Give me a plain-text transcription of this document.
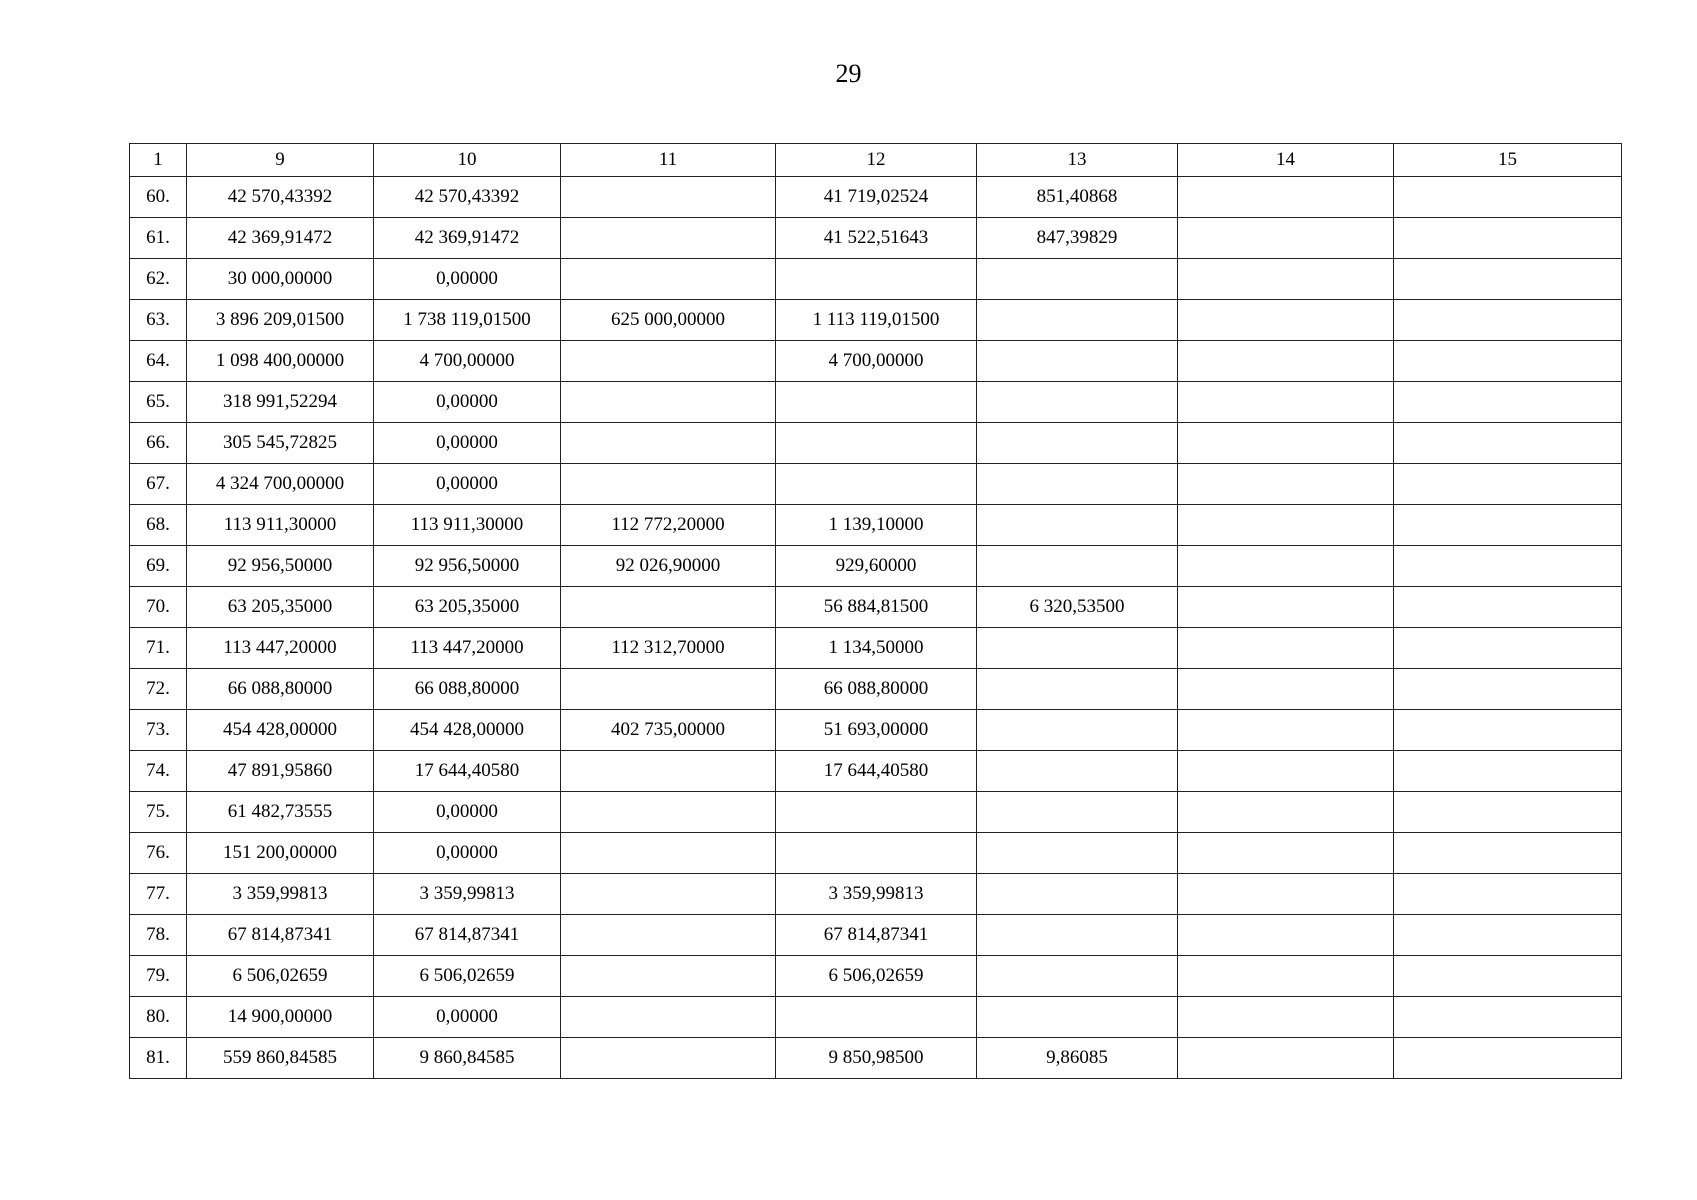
29
1	9	10	11	12	13	14	15
60.	42 570,43392	42 570,43392		41 719,02524	851,40868		
61.	42 369,91472	42 369,91472		41 522,51643	847,39829		
62.	30 000,00000	0,00000					
63.	3 896 209,01500	1 738 119,01500	625 000,00000	1 113 119,01500			
64.	1 098 400,00000	4 700,00000		4 700,00000			
65.	318 991,52294	0,00000					
66.	305 545,72825	0,00000					
67.	4 324 700,00000	0,00000					
68.	113 911,30000	113 911,30000	112 772,20000	1 139,10000			
69.	92 956,50000	92 956,50000	92 026,90000	929,60000			
70.	63 205,35000	63 205,35000		56 884,81500	6 320,53500		
71.	113 447,20000	113 447,20000	112 312,70000	1 134,50000			
72.	66 088,80000	66 088,80000		66 088,80000			
73.	454 428,00000	454 428,00000	402 735,00000	51 693,00000			
74.	47 891,95860	17 644,40580		17 644,40580			
75.	61 482,73555	0,00000					
76.	151 200,00000	0,00000					
77.	3 359,99813	3 359,99813		3 359,99813			
78.	67 814,87341	67 814,87341		67 814,87341			
79.	6 506,02659	6 506,02659		6 506,02659			
80.	14 900,00000	0,00000					
81.	559 860,84585	9 860,84585		9 850,98500	9,86085		
